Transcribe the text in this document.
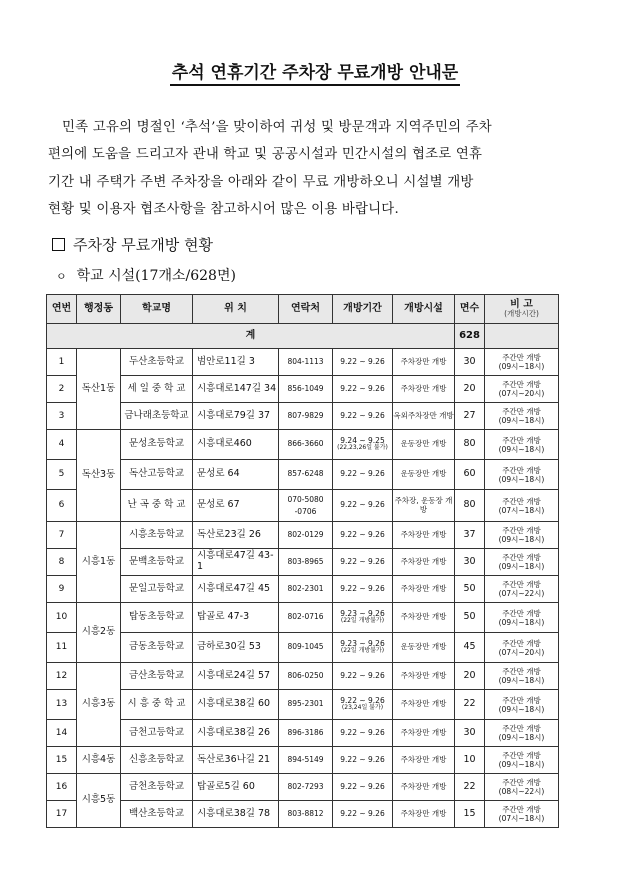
추석 연휴기간 주차장 무료개방 안내문
민족 고유의 명절인 ‘추석’을 맞이하여 귀성 및 방문객과 지역주민의 주차
편의에 도움을 드리고자 관내 학교 및 공공시설과 민간시설의 협조로 연휴
기간 내 주택가 주변 주차장을 아래와 같이 무료 개방하오니 시설별 개방
현황 및 이용자 협조사항을 참고하시어 많은 이용 바랍니다.
주차장 무료개방 현황
ㅇ 학교 시설(17개소/628면)
연번	행정동	학교명	위 치	연락처	개방기간	개방시설	면수	비 고
(개방시간)

계							628	
1	독산1동	두산초등학교	범안로11길 3	804-1113	9.22 ~ 9.26	주차장만 개방	30	주간만 개방
(09시~18시)

2		세 일 중 학 교	시흥대로147길 34	856-1049	9.22 ~ 9.26	주차장만 개방	20	주간만 개방
(07시~20시)

3		금나래초등학교	시흥대로79길 37	807-9829	9.22 ~ 9.26	옥외주차장만 개방	27	주간만 개방
(09시~18시)

4	독산3동	문성초등학교	시흥대로460	866-3660	9.24 ~ 9.25
(22,23,26일 불가)	운동장만 개방	80	주간만 개방
(09시~18시)

5		독산고등학교	문성로 64	857-6248	9.22 ~ 9.26	운동장만 개방	60	주간만 개방
(09시~18시)

6		난 곡 중 학 교	문성로 67	070-5080 -0706	9.22 ~ 9.26	주차장, 운동장 개방	80	주간만 개방
(07시~18시)

7	시흥1동	시흥초등학교	독산로23길 26	802-0129	9.22 ~ 9.26	주차장만 개방	37	주간만 개방
(09시~18시)

8		문백초등학교	시흥대로47길 43-1	803-8965	9.22 ~ 9.26	주차장만 개방	30	주간만 개방
(09시~18시)

9		문일고등학교	시흥대로47길 45	802-2301	9.22 ~ 9.26	주차장만 개방	50	주간만 개방
(07시~22시)

10	시흥2동	탑동초등학교	탑골로 47-3	802-0716	9.23 ~ 9.26
(22일 개방불가)	주차장만 개방	50	주간만 개방
(09시~18시)

11		금동초등학교	금하로30길 53	809-1045	9.23 ~ 9.26
(22일 개방불가)	운동장만 개방	45	주간만 개방
(07시~20시)

12	시흥3동	금산초등학교	시흥대로24길 57	806-0250	9.22 ~ 9.26	주차장만 개방	20	주간만 개방
(09시~18시)

13		시 흥 중 학 교	시흥대로38길 60	895-2301	9.22 ~ 9.26
(23,24일 불가)	주차장만 개방	22	주간만 개방
(09시~18시)

14		금천고등학교	시흥대로38길 26	896-3186	9.22 ~ 9.26	주차장만 개방	30	주간만 개방
(09시~18시)

15	시흥4동	신흥초등학교	독산로36나길 21	894-5149	9.22 ~ 9.26	주차장만 개방	10	주간만 개방
(09시~18시)

16	시흥5동	금천초등학교	탑골로5길 60	802-7293	9.22 ~ 9.26	주차장만 개방	22	주간만 개방
(08시~22시)

17		백산초등학교	시흥대로38길 78	803-8812	9.22 ~ 9.26	주차장만 개방	15	주간만 개방
(07시~18시)
